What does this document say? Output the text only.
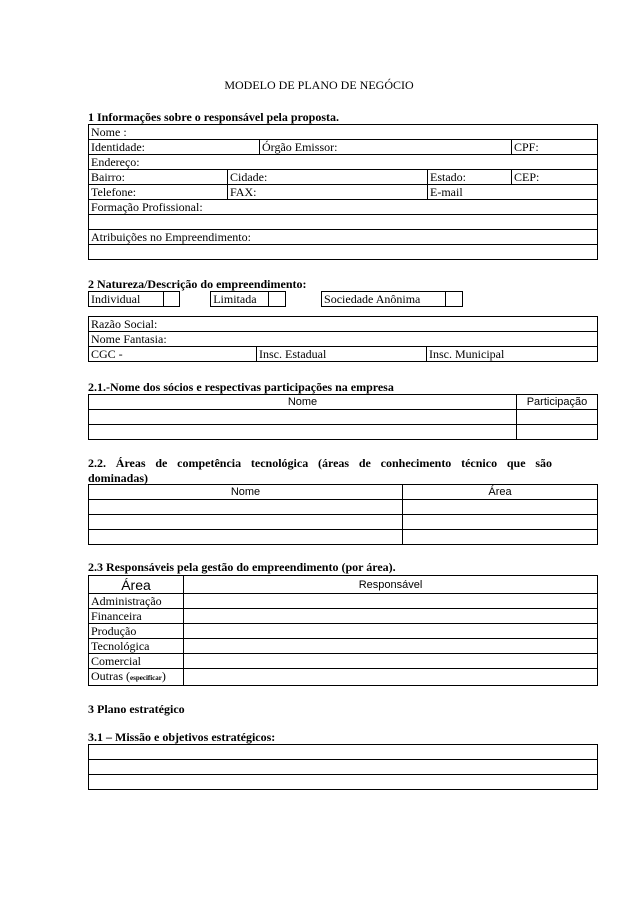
MODELO DE PLANO DE NEGÓCIO
1 Informações sobre o responsável pela proposta.
Nome :				
Identidade:		Órgão Emissor:		CPF:
Endereço:				
Bairro:	Cidade:		Estado:	CEP:
Telefone:	FAX:		E-mail	
Formação Profissional:				

Atribuições no Empreendimento:				

2 Natureza/Descrição do empreendimento:
Individual			Limitada			Sociedade Anônima	
Razão Social:
Nome Fantasia:
CGC -	Insc. Estadual	Insc. Municipal
2.1.-Nome dos sócios e respectivas participações na empresa
Nome	Participação

2.2. Áreas de competência tecnológica (áreas de conhecimento técnico que são
dominadas)
Nome	Área

2.3 Responsáveis pela gestão do empreendimento (por área).
Área	Responsável
Administração	
Financeira	
Produção	
Tecnológica	
Comercial	
Outras (especificar)	
3 Plano estratégico
3.1 – Missão e objetivos estratégicos:
